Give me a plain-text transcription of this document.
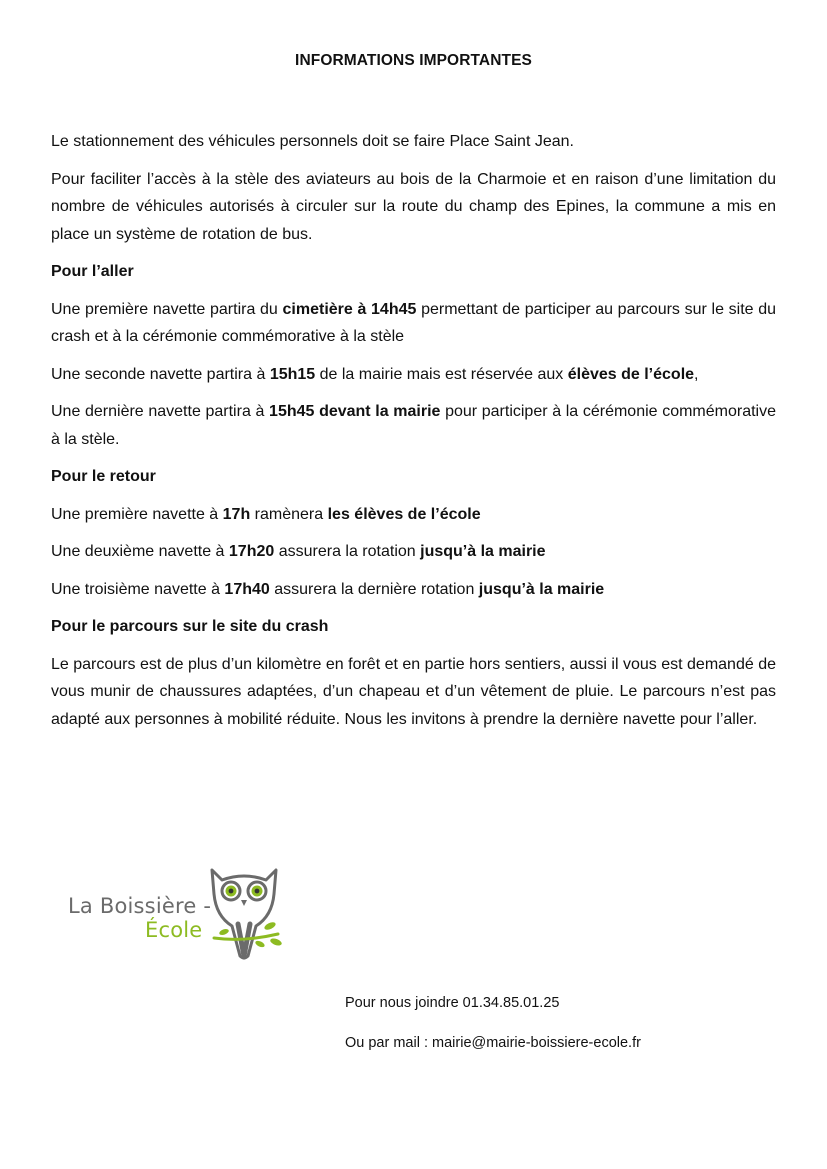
INFORMATIONS IMPORTANTES

Le stationnement des véhicules personnels doit se faire Place Saint Jean.

Pour faciliter l’accès à la stèle des aviateurs au bois de la Charmoie et en raison d’une limitation du nombre de véhicules autorisés à circuler sur la route du champ des Epines, la commune a mis en place un système de rotation de bus.

Pour l’aller

Une première navette partira du cimetière à 14h45 permettant de participer au parcours sur le site du crash et à la cérémonie commémorative à la stèle

Une seconde navette partira à 15h15 de la mairie mais est réservée aux élèves de l’école,

Une dernière navette partira à 15h45 devant la mairie pour participer à la cérémonie commémorative à la stèle.

Pour le retour

Une première navette à 17h ramènera les élèves de l’école

Une deuxième navette à 17h20 assurera la rotation jusqu’à la mairie

Une troisième navette à 17h40 assurera la dernière rotation jusqu’à la mairie

Pour le parcours sur le site du crash

Le parcours est de plus d’un kilomètre en forêt et en partie hors sentiers, aussi il vous est demandé de vous munir de chaussures adaptées, d’un chapeau et d’un vêtement de pluie. Le parcours n’est pas adapté aux personnes à mobilité réduite. Nous les invitons à prendre la dernière navette pour l’aller.

La Boissière -
École
Pour nous joindre 01.34.85.01.25
Ou par mail : mairie@mairie-boissiere-ecole.fr
